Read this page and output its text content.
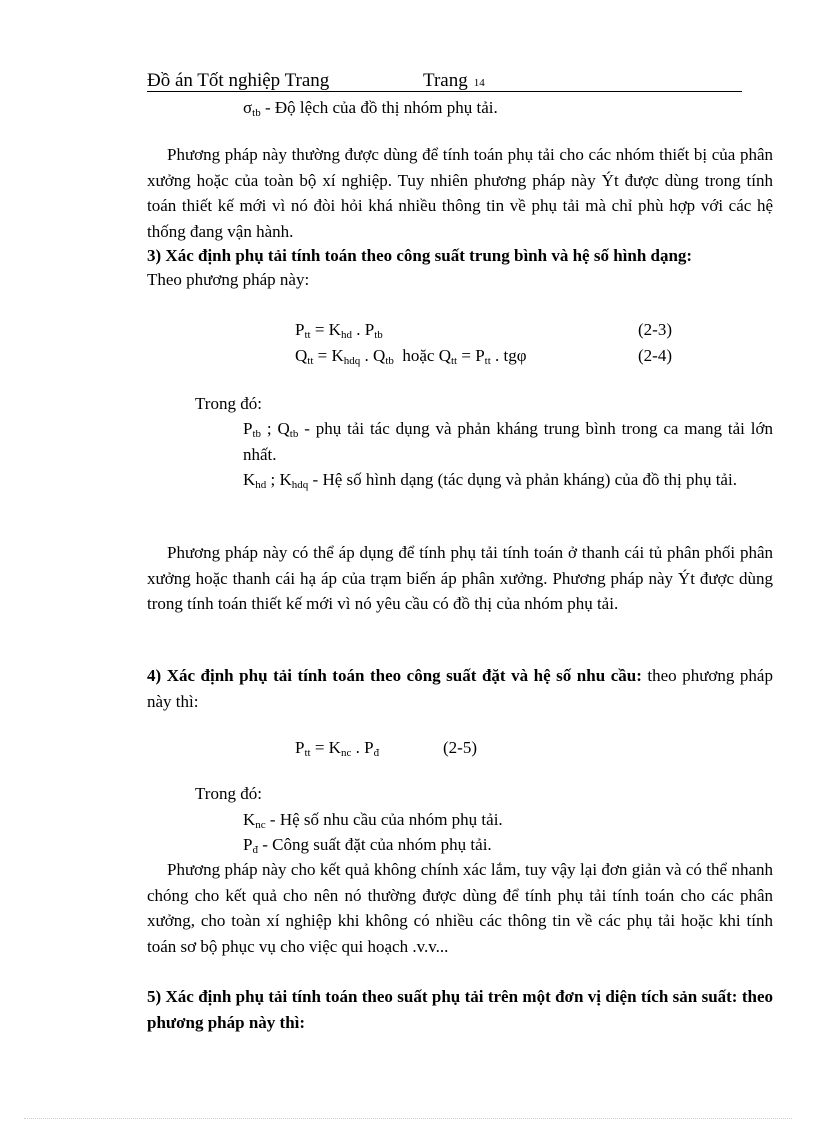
Đồ án Tốt nghiệp Trang	Trang 14
$\sigma_{tb}$ - Độ lệch của đồ thị nhóm phụ tải.
Phương pháp này thường được dùng để tính toán phụ tải cho các nhóm thiết bị của phân xưởng hoặc của toàn bộ xí nghiệp. Tuy nhiên phương pháp này Ýt được dùng trong tính toán thiết kế mới vì nó đòi hỏi khá nhiều thông tin về phụ tải mà chỉ phù hợp với các hệ thống đang vận hành.
3) Xác định phụ tải tính toán theo công suất trung bình và hệ số hình dạng:
Theo phương pháp này:
$P_{tt} = K_{hd}$ . $P_{tb}$	(2-3)
$Q_{tt} = K_{hdq}$ . $Q_{tb}$  hoặc $Q_{tt} = P_{tt}$ . tgφ	(2-4)
Trong đó:
$P_{tb}$ ; $Q_{tb}$ - phụ tải tác dụng và phản kháng trung bình trong ca mang tải lớn nhất.
$K_{hd}$ ; $K_{hdq}$ - Hệ số hình dạng (tác dụng và phản kháng) của đồ thị phụ tải.
Phương pháp này có thể áp dụng để tính phụ tải tính toán ở thanh cái tủ phân phối phân xưởng hoặc thanh cái hạ áp của trạm biến áp phân xưởng. Phương pháp này Ýt được dùng trong tính toán thiết kế mới vì nó yêu cầu có đồ thị của nhóm phụ tải.
4) Xác định phụ tải tính toán theo công suất đặt và hệ số nhu cầu: theo phương pháp này thì:
$P_{tt} = K_{nc}$ . $P_đ$	(2-5)
Trong đó:
$K_{nc}$ - Hệ số nhu cầu của nhóm phụ tải.
$P_đ$ - Công suất đặt của nhóm phụ tải.
Phương pháp này cho kết quả không chính xác lắm, tuy vậy lại đơn giản và có thể nhanh chóng cho kết quả cho nên nó thường được dùng để tính phụ tải tính toán cho các phân xưởng, cho toàn xí nghiệp khi không có nhiều các thông tin về các phụ tải hoặc khi tính toán sơ bộ phục vụ cho việc qui hoạch .v.v...
5) Xác định phụ tải tính toán theo suất phụ tải trên một đơn vị diện tích sản suất: theo phương pháp này thì:
